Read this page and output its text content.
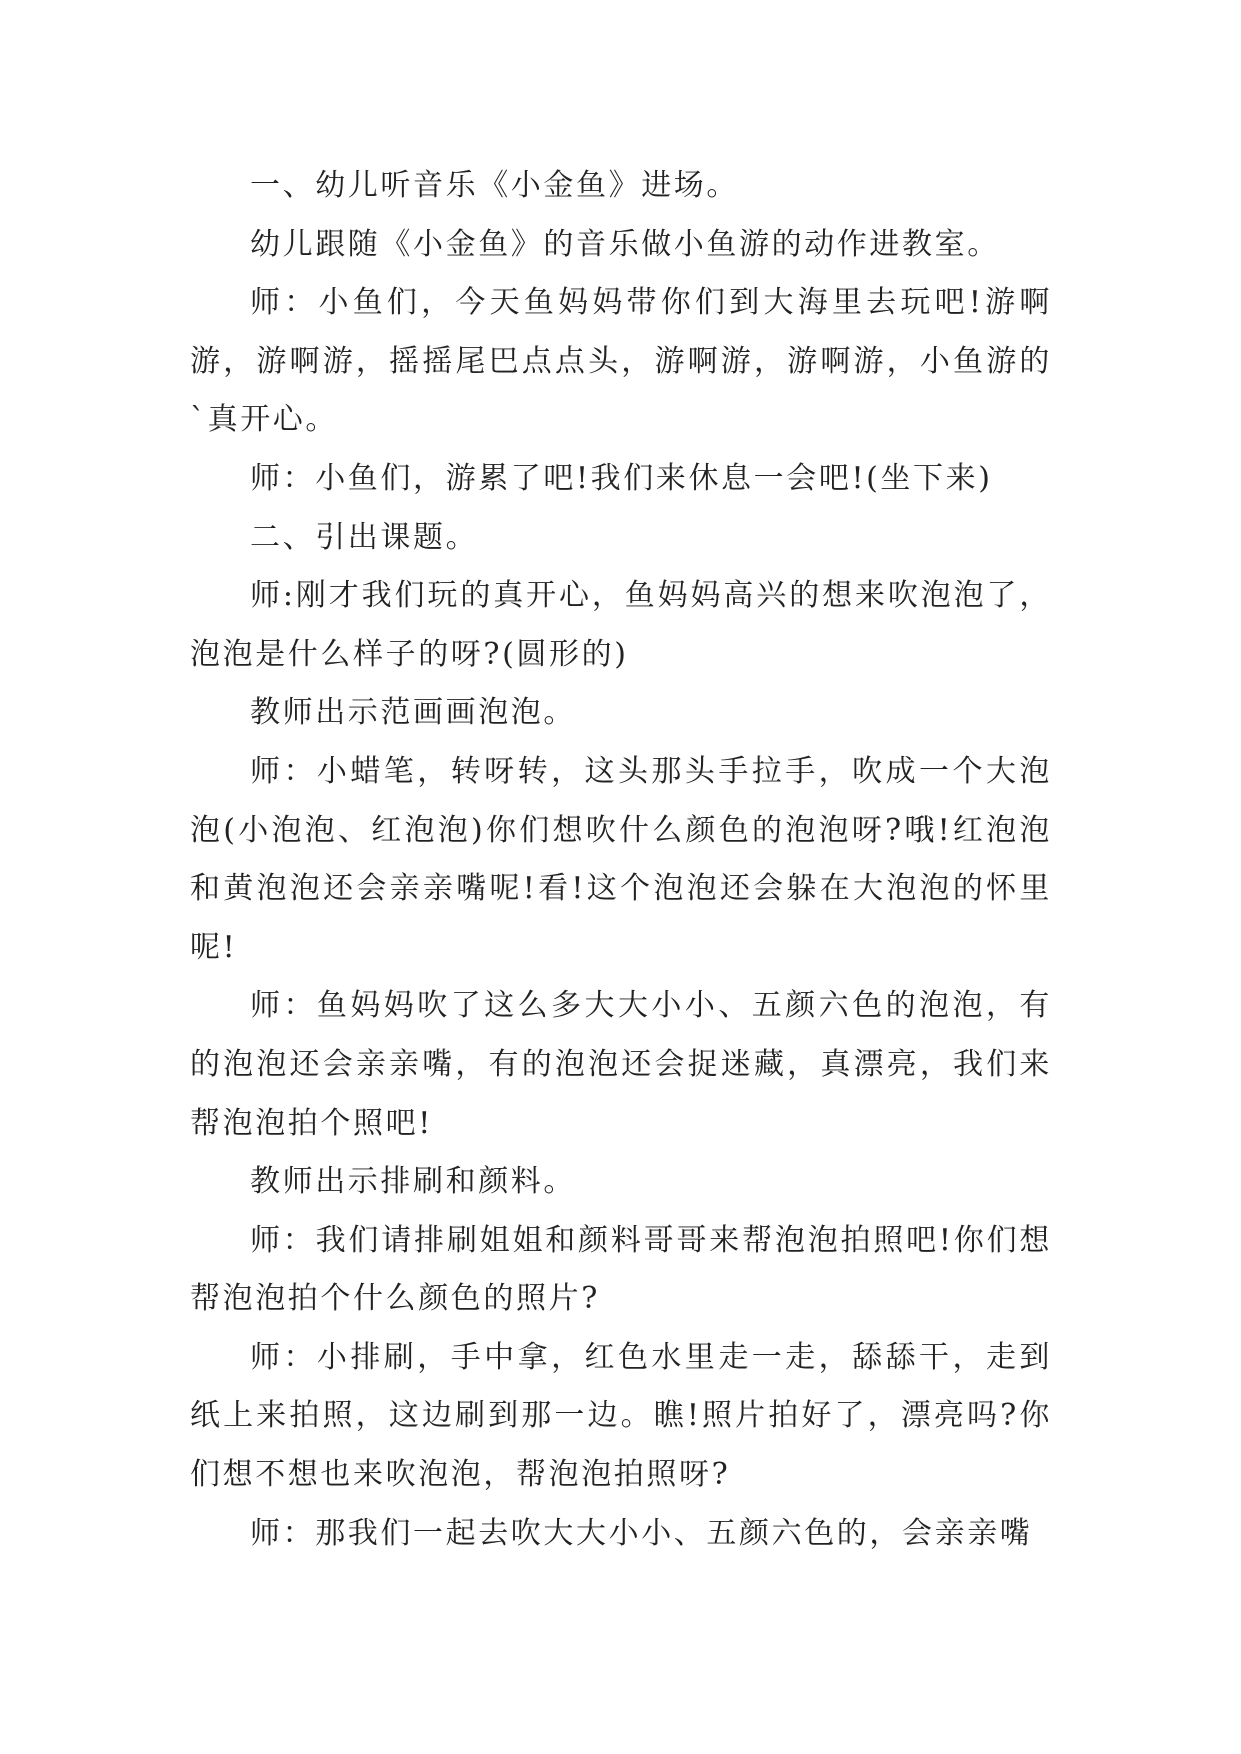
一、幼儿听音乐《小金鱼》进场。

幼儿跟随《小金鱼》的音乐做小鱼游的动作进教室。

师：小鱼们，今天鱼妈妈带你们到大海里去玩吧!游啊游，游啊游，摇摇尾巴点点头，游啊游，游啊游，小鱼游的`真开心。

师：小鱼们，游累了吧!我们来休息一会吧!(坐下来)

二、引出课题。

师:刚才我们玩的真开心，鱼妈妈高兴的想来吹泡泡了，泡泡是什么样子的呀?(圆形的)

教师出示范画画泡泡。

师：小蜡笔，转呀转，这头那头手拉手，吹成一个大泡泡(小泡泡、红泡泡)你们想吹什么颜色的泡泡呀?哦!红泡泡和黄泡泡还会亲亲嘴呢!看!这个泡泡还会躲在大泡泡的怀里呢!

师：鱼妈妈吹了这么多大大小小、五颜六色的泡泡，有的泡泡还会亲亲嘴，有的泡泡还会捉迷藏，真漂亮，我们来帮泡泡拍个照吧!

教师出示排刷和颜料。

师：我们请排刷姐姐和颜料哥哥来帮泡泡拍照吧!你们想帮泡泡拍个什么颜色的照片?

师：小排刷，手中拿，红色水里走一走，舔舔干，走到纸上来拍照，这边刷到那一边。瞧!照片拍好了，漂亮吗?你们想不想也来吹泡泡，帮泡泡拍照呀?

师：那我们一起去吹大大小小、五颜六色的，会亲亲嘴
